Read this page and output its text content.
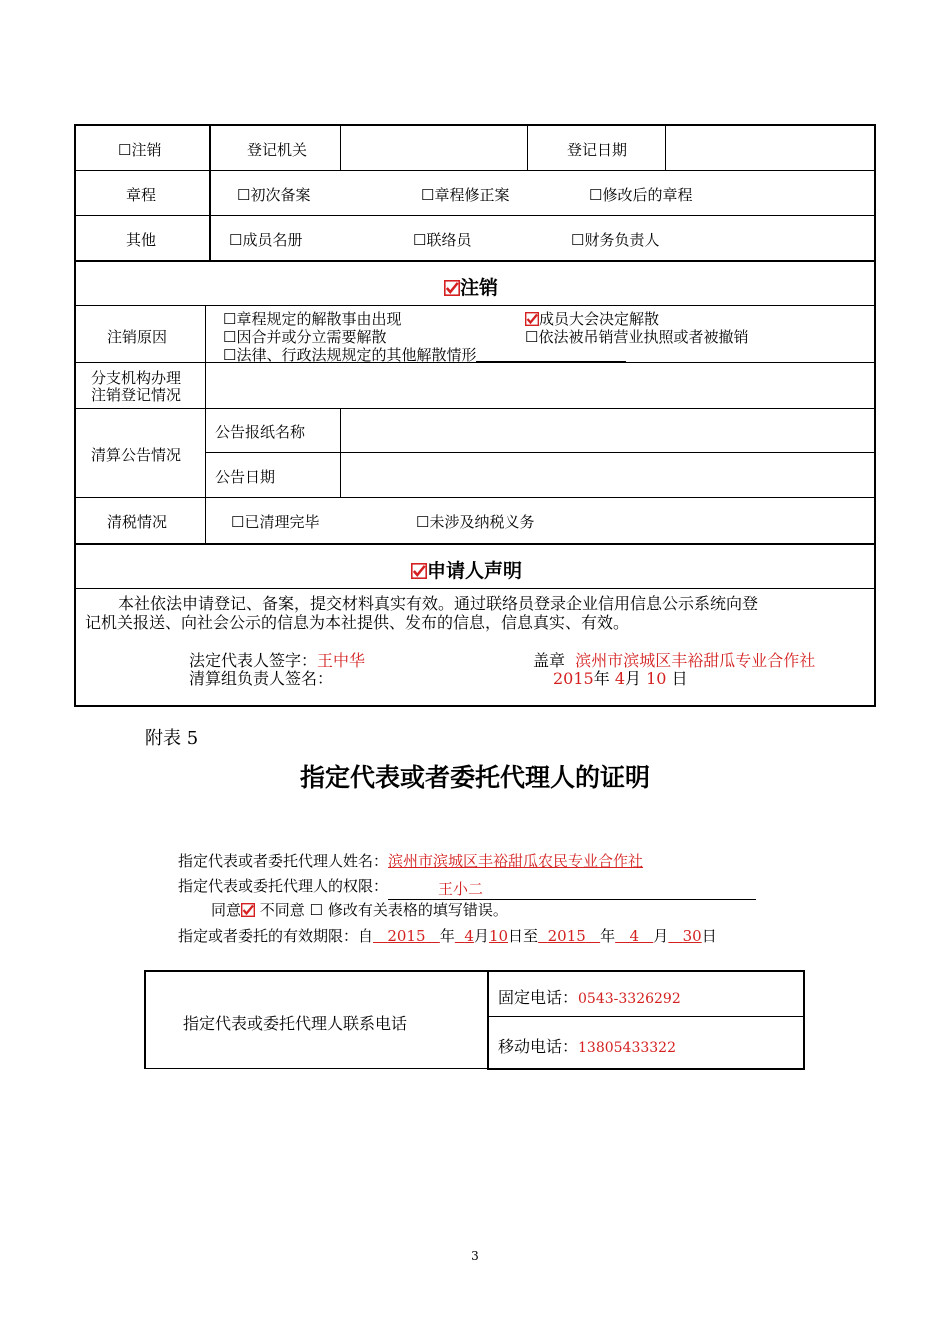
☐注销	登记机关	登记日期
章程	☐初次备案	☐章程修正案	☐修改后的章程
其他	☐成员名册	☐联络员	☐财务负责人
注销
注销原因
☐章程规定的解散事由出现	成员大会决定解散
☐因合并或分立需要解散	☐依法被吊销营业执照或者被撤销
☐法律、行政法规规定的其他解散情形
分支机构办理
注销登记情况
清算公告情况
公告报纸名称
公告日期
清税情况	☐已清理完毕	☐未涉及纳税义务
申请人声明
本社依法申请登记、备案，提交材料真实有效。通过联络员登录企业信用信息公示系统向登
记机关报送、向社会公示的信息为本社提供、发布的信息，信息真实、有效。
法定代表人签字：王中华	盖章 滨州市滨城区丰裕甜瓜专业合作社
清算组负责人签名：	2015年 4月 10 日
附表 5
指定代表或者委托代理人的证明
指定代表或者委托代理人姓名：滨州市滨城区丰裕甜瓜农民专业合作社
指定代表或委托代理人的权限：	王小二
同意 不同意 ☐ 修改有关表格的填写错误。
指定或者委托的有效期限：自 2015 年 4月10日至 2015 年 4 月 30日
指定代表或委托代理人联系电话
固定电话：0543-3326292
移动电话：13805433322
3
